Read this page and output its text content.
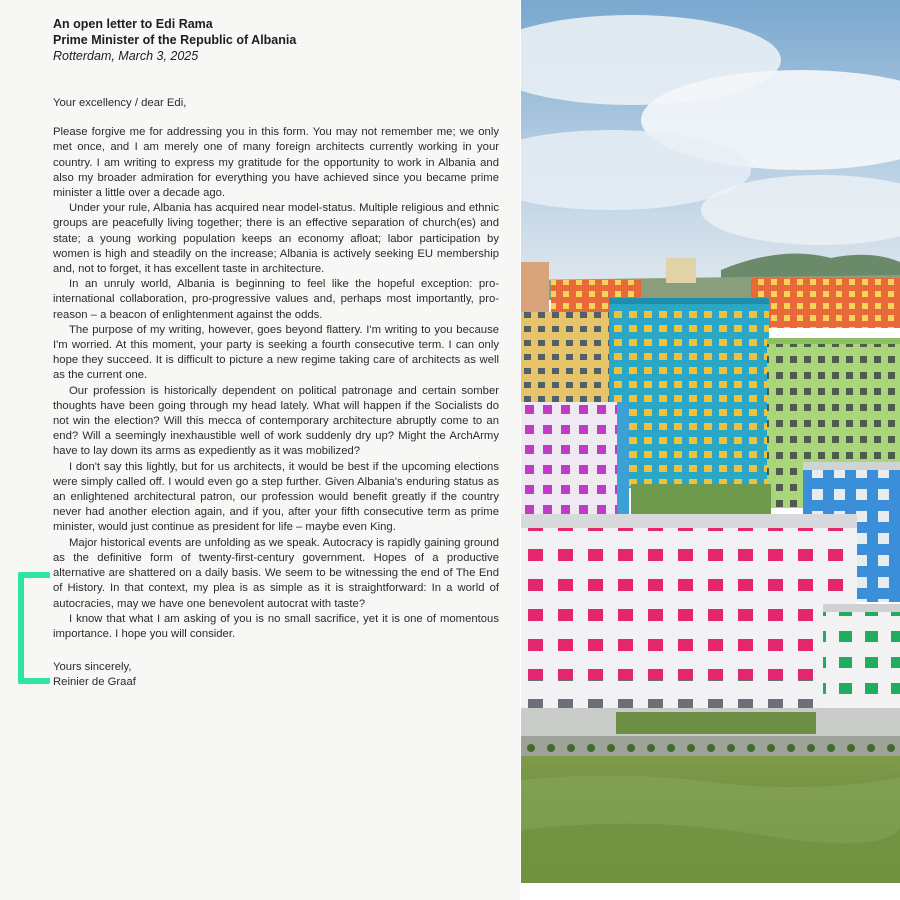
An open letter to Edi Rama

Prime Minister of the Republic of Albania

Rotterdam, March 3, 2025

Your excellency / dear Edi,

Please forgive me for addressing you in this form. You may not remember me; we only met once, and I am merely one of many foreign architects currently working in your country. I am writing to express my gratitude for the opportunity to work in Albania and also my broader admiration for everything you have achieved since you became prime minister a little over a decade ago.

Under your rule, Albania has acquired near model-status. Multiple religious and ethnic groups are peacefully living together; there is an effective separation of church(es) and state; a young working population keeps an economy afloat; labor participation by women is high and steadily on the increase; Albania is actively seeking EU membership and, not to forget, it has excellent taste in architecture.

In an unruly world, Albania is beginning to feel like the hopeful exception: pro-international collaboration, pro-progressive values and, perhaps most importantly, pro-reason – a beacon of enlightenment against the odds.

The purpose of my writing, however, goes beyond flattery. I'm writing to you because I'm worried. At this moment, your party is seeking a fourth consecutive term. I can only hope they succeed. It is difficult to picture a new regime taking care of architects as well as the current one.

Our profession is historically dependent on political patronage and certain somber thoughts have been going through my head lately. What will happen if the Socialists do not win the election? Will this mecca of contemporary architecture abruptly come to an end? Will a seemingly inexhaustible well of work suddenly dry up? Might the ArchArmy have to lay down its arms as expediently as it was mobilized?

I don't say this lightly, but for us architects, it would be best if the upcoming elections were simply called off. I would even go a step further. Given Albania's enduring status as an enlightened architectural patron, our profession would benefit greatly if the country never had another election again, and if you, after your fifth consecutive term as prime minister, would just continue as president for life – maybe even King.

Major historical events are unfolding as we speak. Autocracy is rapidly gaining ground as the definitive form of twenty-first-century government. Hopes of a productive alternative are shattered on a daily basis. We seem to be witnessing the end of The End of History. In that context, my plea is as simple as it is straightforward: In a world of autocracies, may we have one benevolent autocrat with taste?

I know that what I am asking of you is no small sacrifice, yet it is one of momentous importance. I hope you will consider.

Yours sincerely,
Reinier de Graaf
